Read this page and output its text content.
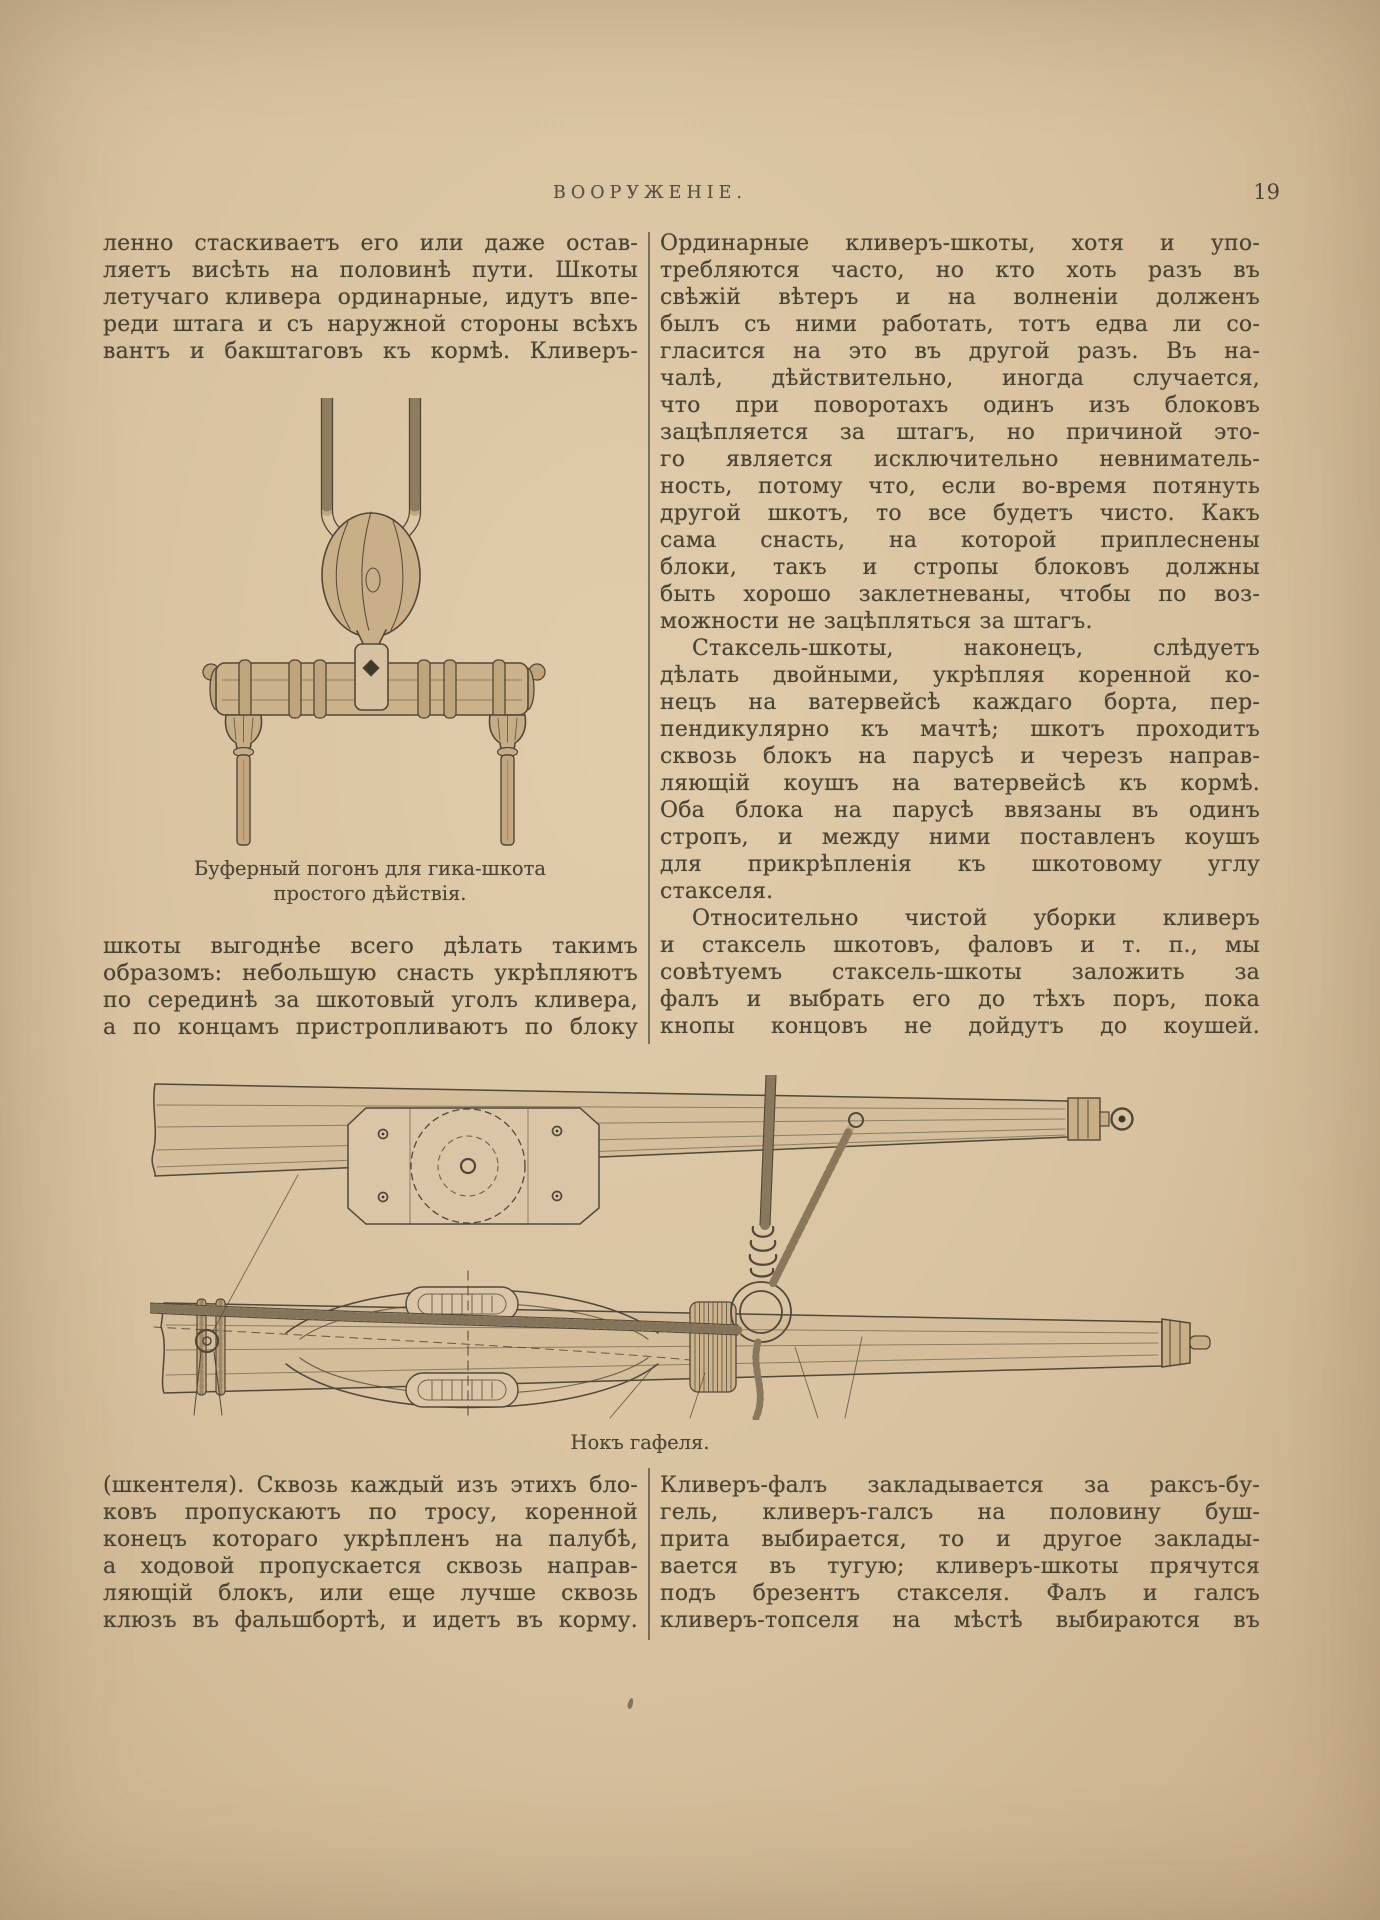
ВООРУЖЕНІЕ.	19
ленно стаскиваетъ его или даже остав-
ляетъ висѣть на половинѣ пути. Шкоты
летучаго кливера ординарные, идутъ впе-
реди штага и съ наружной стороны всѣхъ
вантъ и бакштаговъ къ кормѣ. Кливеръ-
Буферный погонъ для гика-шкота
простого дѣйствія.
шкоты выгоднѣе всего дѣлать такимъ
образомъ: небольшую снасть укрѣпляютъ
по серединѣ за шкотовый уголъ кливера,
а по концамъ пристропливаютъ по блоку
Ординарные кливеръ-шкоты, хотя и упо-
требляются часто, но кто хоть разъ въ
свѣжій вѣтеръ и на волненіи долженъ
былъ съ ними работать, тотъ едва ли со-
гласится на это въ другой разъ. Въ на-
чалѣ, дѣйствительно, иногда случается,
что при поворотахъ одинъ изъ блоковъ
зацѣпляется за штагъ, но причиной это-
го является исключительно невниматель-
ность, потому что, если во-время потянуть
другой шкотъ, то все будетъ чисто. Какъ
сама снасть, на которой приплеснены
блоки, такъ и стропы блоковъ должны
быть хорошо заклетневаны, чтобы по воз-
можности не зацѣпляться за штагъ.
Стаксель-шкоты, наконецъ, слѣдуетъ
дѣлать двойными, укрѣпляя коренной ко-
нецъ на ватервейсѣ каждаго борта, пер-
пендикулярно къ мачтѣ; шкотъ проходитъ
сквозь блокъ на парусѣ и черезъ направ-
ляющій коушъ на ватервейсѣ къ кормѣ.
Оба блока на парусѣ ввязаны въ одинъ
стропъ, и между ними поставленъ коушъ
для прикрѣпленія къ шкотовому углу
стакселя.
Относительно чистой уборки кливеръ
и стаксель шкотовъ, фаловъ и т. п., мы
совѣтуемъ стаксель-шкоты заложить за
фалъ и выбрать его до тѣхъ поръ, пока
кнопы концовъ не дойдутъ до коушей.
Нокъ гафеля.
(шкентеля). Сквозь каждый изъ этихъ бло-
ковъ пропускаютъ по тросу, коренной
конецъ котораго укрѣпленъ на палубѣ,
а ходовой пропускается сквозь направ-
ляющій блокъ, или еще лучше сквозь
клюзъ въ фальшбортѣ, и идетъ въ корму.
Кливеръ-фалъ закладывается за раксъ-бу-
гель, кливеръ-галсъ на половину буш-
прита выбирается, то и другое заклады-
вается въ тугую; кливеръ-шкоты прячутся
подъ брезентъ стакселя. Фалъ и галсъ
кливеръ-топселя на мѣстѣ выбираются въ
